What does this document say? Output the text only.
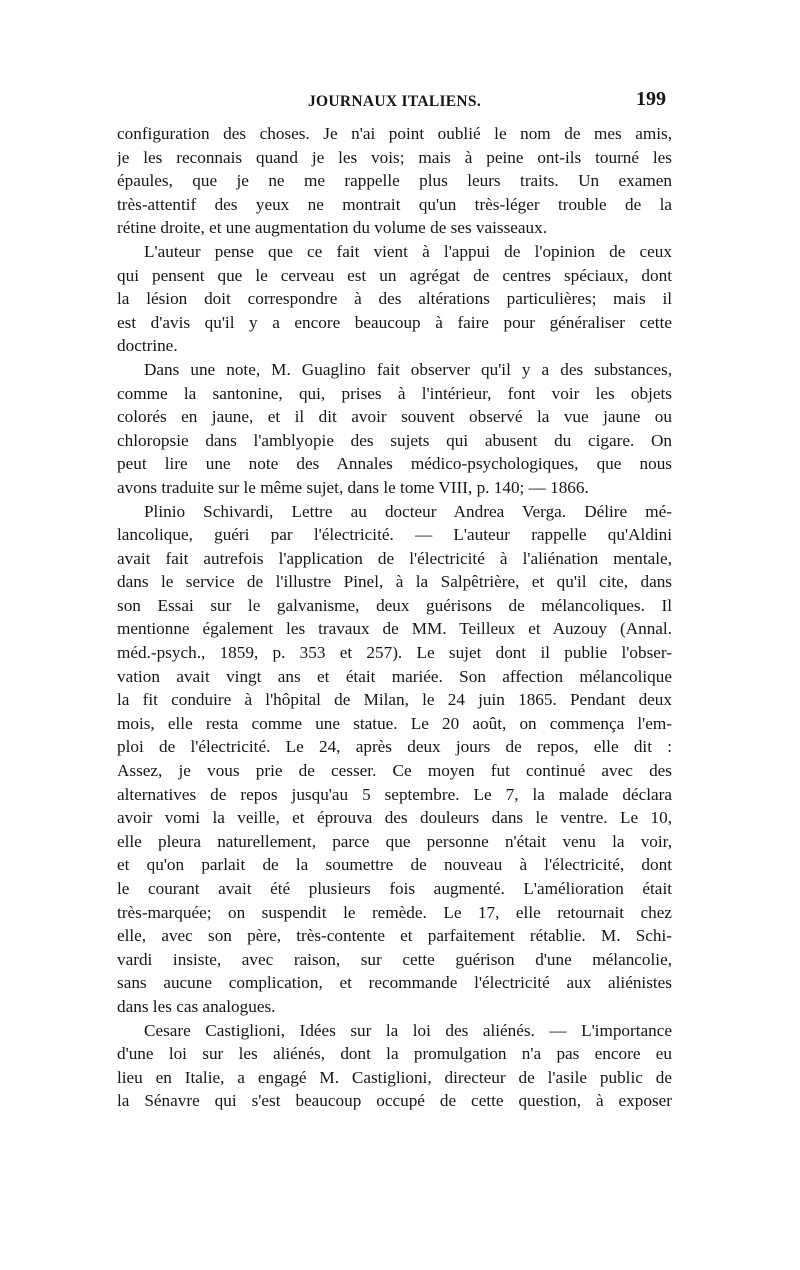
JOURNAUX ITALIENS.	199
configuration des choses. Je n'ai point oublié le nom de mes amis,
je les reconnais quand je les vois; mais à peine ont-ils tourné les
épaules, que je ne me rappelle plus leurs traits. Un examen
très-attentif des yeux ne montrait qu'un très-léger trouble de la
rétine droite, et une augmentation du volume de ses vaisseaux.
L'auteur pense que ce fait vient à l'appui de l'opinion de ceux
qui pensent que le cerveau est un agrégat de centres spéciaux, dont
la lésion doit correspondre à des altérations particulières; mais il
est d'avis qu'il y a encore beaucoup à faire pour généraliser cette
doctrine.
Dans une note, M. Guaglino fait observer qu'il y a des substances,
comme la santonine, qui, prises à l'intérieur, font voir les objets
colorés en jaune, et il dit avoir souvent observé la vue jaune ou
chloropsie dans l'amblyopie des sujets qui abusent du cigare. On
peut lire une note des Annales médico-psychologiques, que nous
avons traduite sur le même sujet, dans le tome VIII, p. 140; — 1866.
Plinio Schivardi, Lettre au docteur Andrea Verga. Délire mé-
lancolique, guéri par l'électricité. — L'auteur rappelle qu'Aldini
avait fait autrefois l'application de l'électricité à l'aliénation mentale,
dans le service de l'illustre Pinel, à la Salpêtrière, et qu'il cite, dans
son Essai sur le galvanisme, deux guérisons de mélancoliques. Il
mentionne également les travaux de MM. Teilleux et Auzouy (Annal.
méd.-psych., 1859, p. 353 et 257). Le sujet dont il publie l'obser-
vation avait vingt ans et était mariée. Son affection mélancolique
la fit conduire à l'hôpital de Milan, le 24 juin 1865. Pendant deux
mois, elle resta comme une statue. Le 20 août, on commença l'em-
ploi de l'électricité. Le 24, après deux jours de repos, elle dit :
Assez, je vous prie de cesser. Ce moyen fut continué avec des
alternatives de repos jusqu'au 5 septembre. Le 7, la malade déclara
avoir vomi la veille, et éprouva des douleurs dans le ventre. Le 10,
elle pleura naturellement, parce que personne n'était venu la voir,
et qu'on parlait de la soumettre de nouveau à l'électricité, dont
le courant avait été plusieurs fois augmenté. L'amélioration était
très-marquée; on suspendit le remède. Le 17, elle retournait chez
elle, avec son père, très-contente et parfaitement rétablie. M. Schi-
vardi insiste, avec raison, sur cette guérison d'une mélancolie,
sans aucune complication, et recommande l'électricité aux aliénistes
dans les cas analogues.
Cesare Castiglioni, Idées sur la loi des aliénés. — L'importance
d'une loi sur les aliénés, dont la promulgation n'a pas encore eu
lieu en Italie, a engagé M. Castiglioni, directeur de l'asile public de
la Sénavre qui s'est beaucoup occupé de cette question, à exposer
